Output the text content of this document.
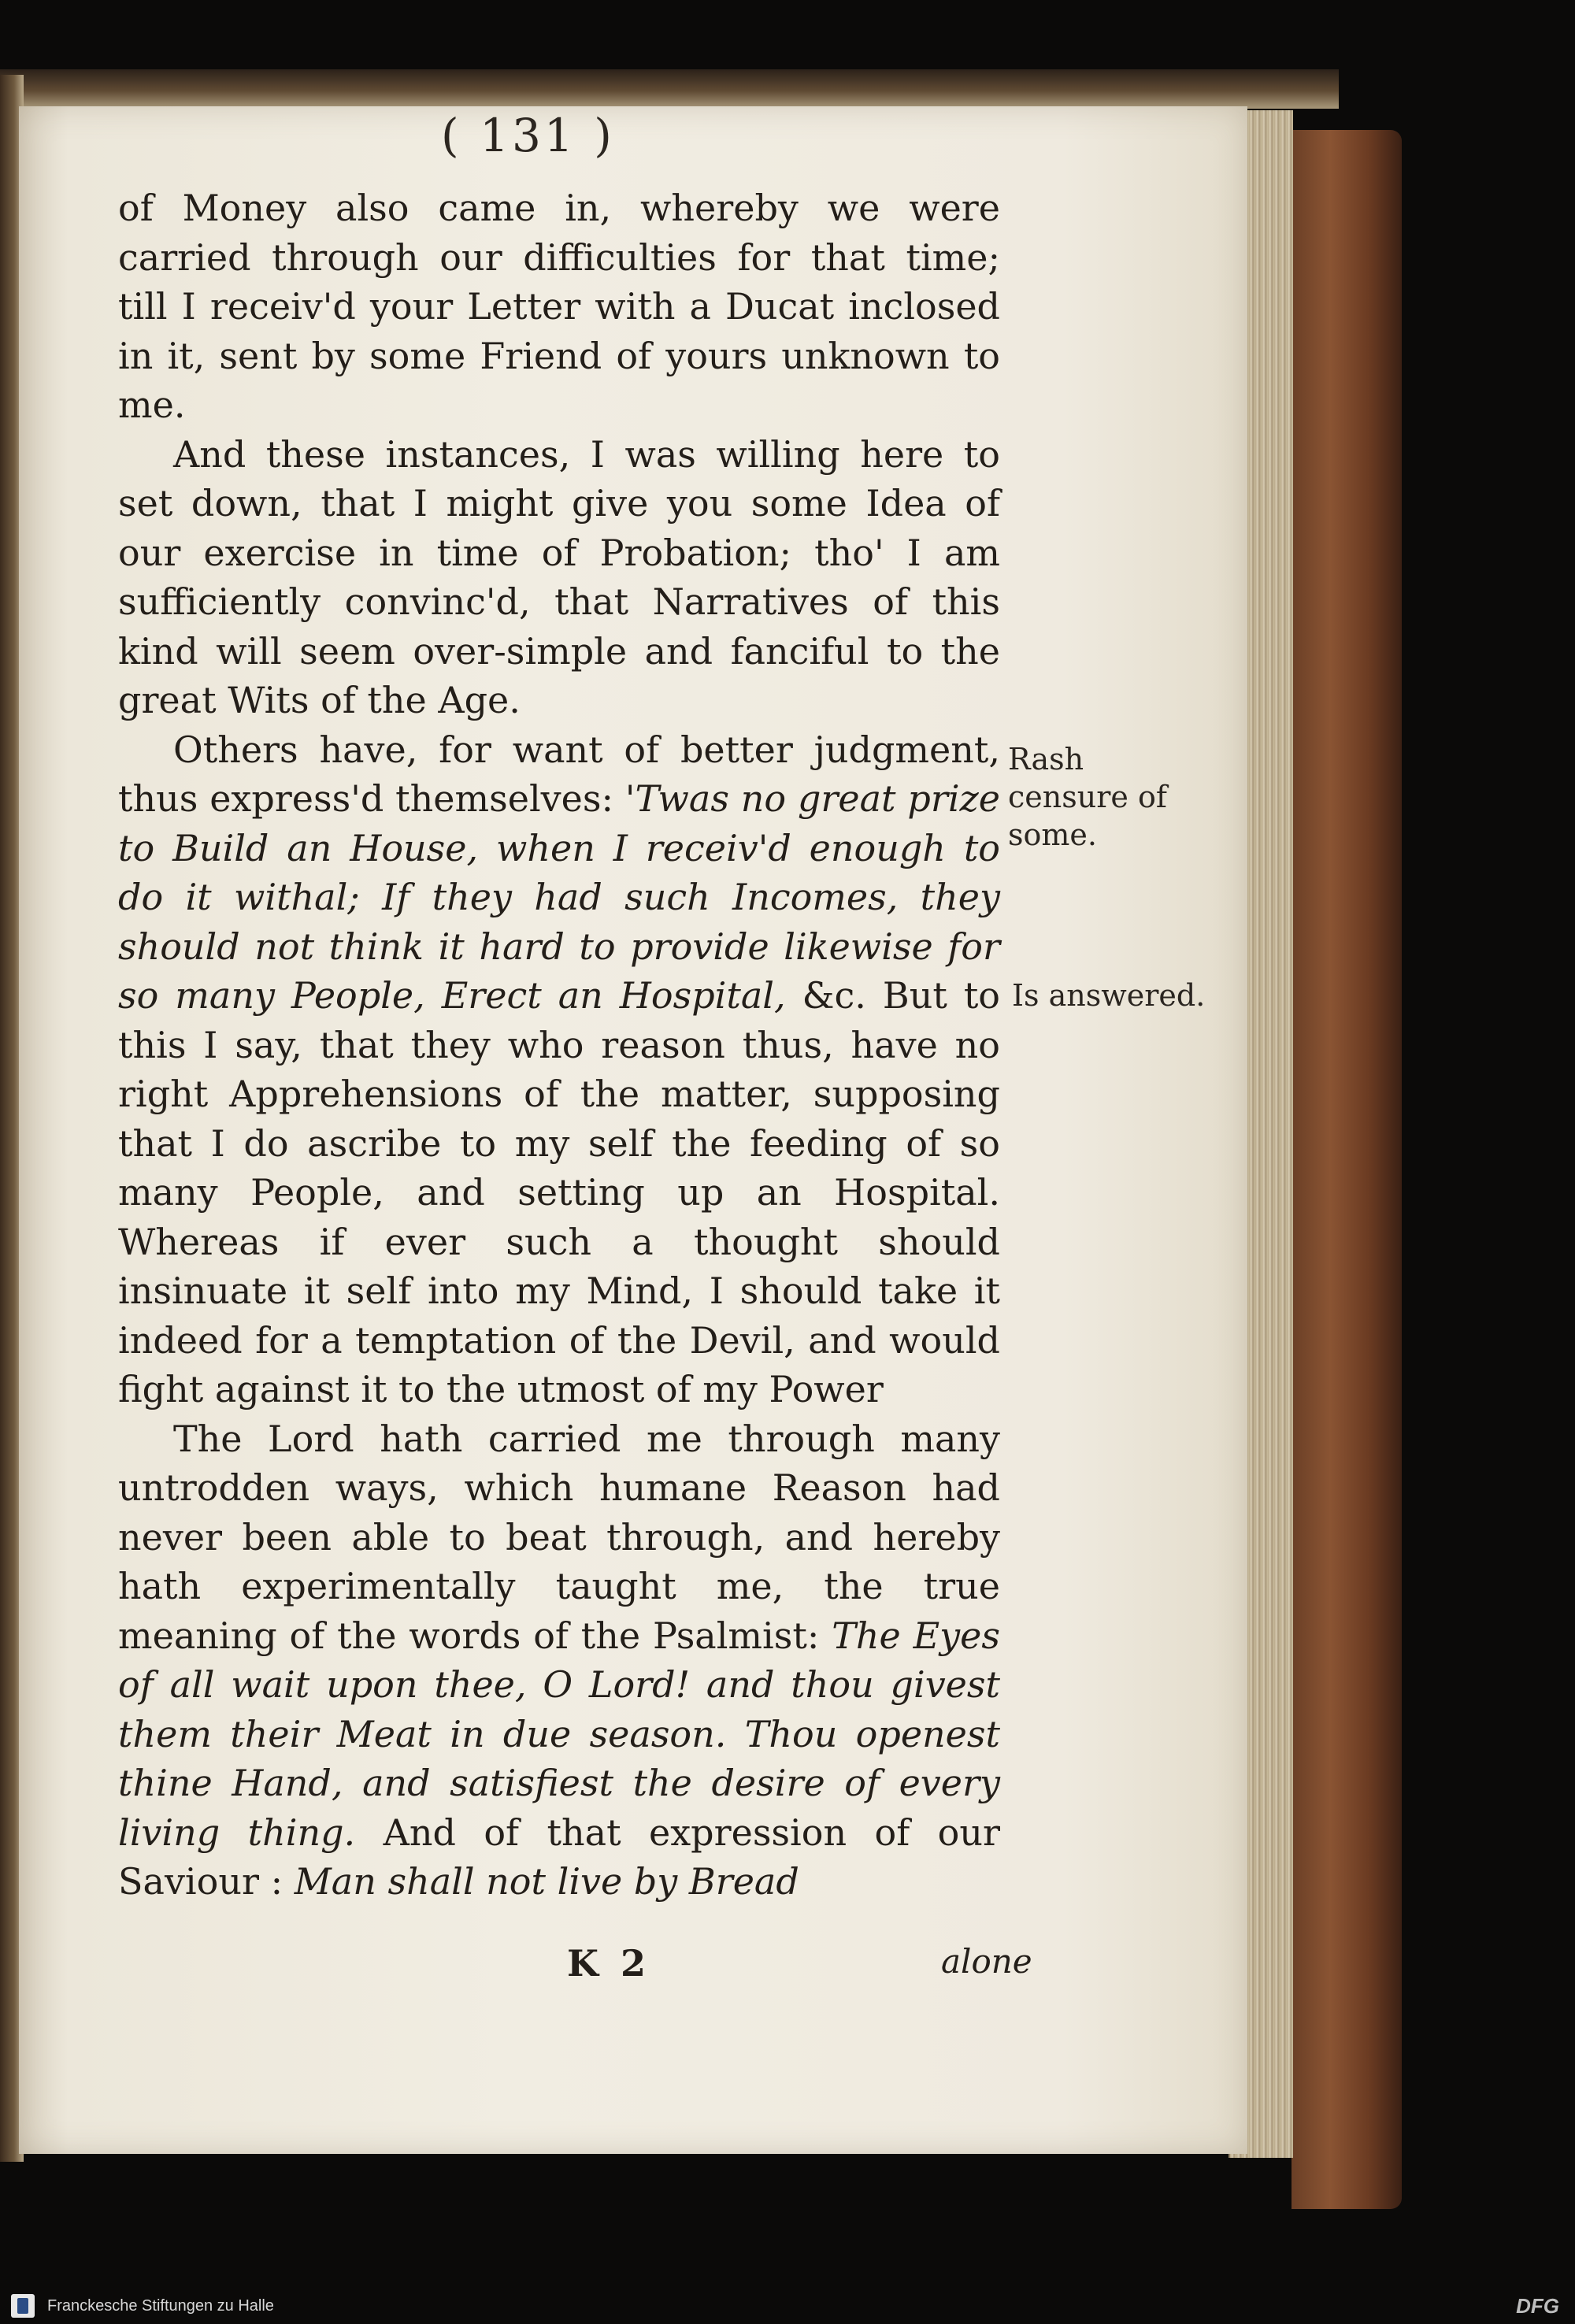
( 131 )

of Money also came in, whereby we were carried through our difficulties for that time; till I receiv'd your Letter with a Ducat inclosed in it, sent by some Friend of yours unknown to me.

And these instances, I was willing here to set down, that I might give you some Idea of our exercise in time of Probation; tho' I am sufficiently convinc'd, that Narratives of this kind will seem over-simple and fanciful to the great Wits of the Age.

Others have, for want of better judgment, thus express'd themselves: 'Twas no great prize to Build an House, when I receiv'd enough to do it withal; If they had such Incomes, they should not think it hard to provide likewise for so many People, Erect an Hospital, &c. But to this I say, that they who reason thus, have no right Apprehensions of the matter, supposing that I do ascribe to my self the feeding of so many People, and setting up an Hospital. Whereas if ever such a thought should insinuate it self into my Mind, I should take it indeed for a temptation of the Devil, and would fight against it to the utmost of my Power

The Lord hath carried me through many untrodden ways, which humane Reason had never been able to beat through, and hereby hath experimentally taught me, the true meaning of the words of the Psalmist: The Eyes of all wait upon thee, O Lord! and thou givest them their Meat in due season. Thou openest thine Hand, and satisfiest the desire of every living thing. And of that expression of our Saviour : Man shall not live by Bread

Rash censure of some.
Is answered.
K 2	alone
Franckesche Stiftungen zu Halle	DFG
